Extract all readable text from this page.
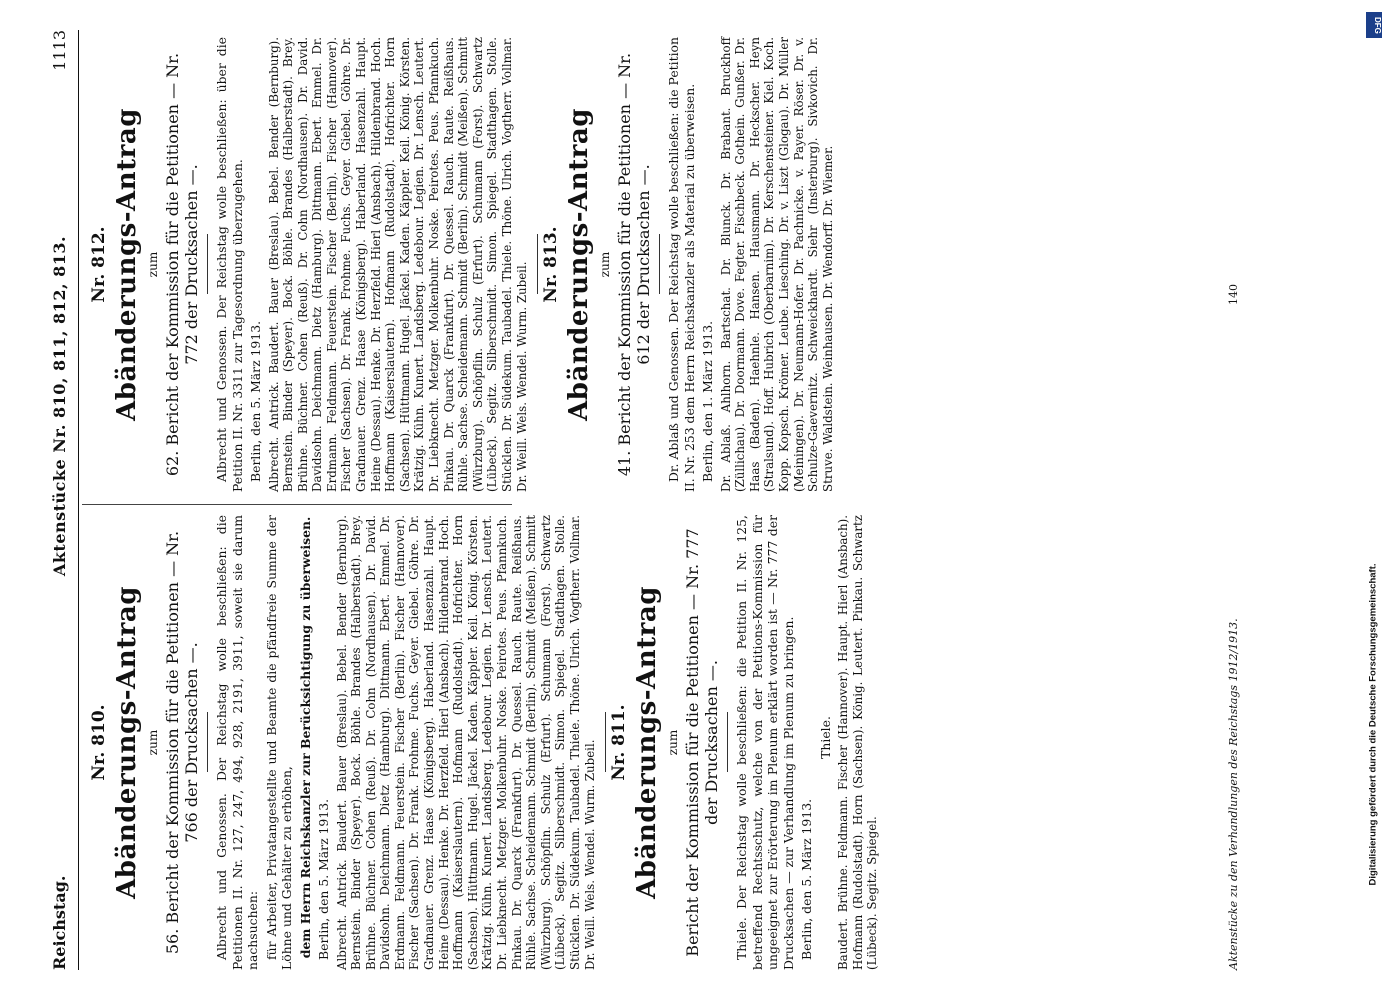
Reichstag.
Aktenstücke Nr. 810, 811, 812, 813.
1113
Nr. 810. Abänderungs-Antrag zum 56. Bericht der Kommission für die Petitionen — Nr. 766 der Drucksachen —. Albrecht und Genossen. Der Reichstag wolle beschließen: die Petitionen II. Nr. 127, 247, 494, 928, 2191, 3911, soweit sie darum nachsuchen: für Arbeiter, Privatangestellte und Beamte die pfändfreie Summe der Löhne und Gehälter zu erhöhen, dem Herrn Reichskanzler zur Berücksichtigung zu überweisen. Berlin, den 5. März 1913. Albrecht. Antrick. Baudert. Bauer (Breslau). Bebel. Bender (Bernburg). Bernstein. Binder (Speyer). Bock. Böhle. Brandes (Halberstadt). Brey. Brühne. Büchner. Cohen (Reuß). Dr. Cohn (Nordhausen). Dr. David. Davidsohn. Deichmann. Dietz (Hamburg). Dittmann. Ebert. Emmel. Dr. Erdmann. Feldmann. Feuerstein. Fischer (Berlin). Fischer (Hannover). Fischer (Sachsen). Dr. Frank. Frohme. Fuchs. Geyer. Giebel. Göhre. Dr. Gradnauer. Grenz. Haase (Königsberg). Haberland. Hasenzahl. Haupt. Heine (Dessau). Henke. Dr. Herzfeld. Hierl (Ansbach). Hildenbrand. Hoch. Hoffmann (Kaiserslautern). Hofmann (Rudolstadt). Hofrichter. Horn (Sachsen). Hüttmann. Hugel. Jäckel. Kaden. Käppler. Keil. König. Körsten. Krätzig. Kühn. Kunert. Landsberg. Ledebour. Legien. Dr. Lensch. Leutert. Dr. Liebknecht. Metzger. Molkenbuhr. Noske. Peirotes. Peus. Pfannkuch. Pinkau. Dr. Quarck (Frankfurt). Dr. Quessel. Rauch. Raute. Reißhaus. Rühle. Sachse. Scheidemann. Schmidt (Berlin). Schmidt (Meißen). Schmitt (Würzburg). Schöpflin. Schulz (Erfurt). Schumann (Forst). Schwartz (Lübeck). Segitz. Silberschmidt. Simon. Spiegel. Stadthagen. Stolle. Stücklen. Dr. Südekum. Taubadel. Thiele. Thöne. Ulrich. Vogtherr. Vollmar. Dr. Weill. Wels. Wendel. Wurm. Zubeil. Nr. 811. Abänderungs-Antrag zum Bericht der Kommission für die Petitionen — Nr. 777 der Drucksachen —. Thiele. Der Reichstag wolle beschließen: die Petition II. Nr. 125, betreffend Rechtsschutz, welche von der Petitions-Kommission für ungeeignet zur Erörterung im Plenum erklärt worden ist — Nr. 777 der Drucksachen — zur Verhandlung im Plenum zu bringen. Berlin, den 5. März 1913.

Thiele. Baudert. Brühne. Feldmann. Fischer (Hannover). Haupt. Hierl (Ansbach). Hofmann (Rudolstadt). Horn (Sachsen). König. Leutert. Pinkau. Schwartz (Lübeck). Segitz. Spiegel.

Nr. 812. Abänderungs-Antrag zum 62. Bericht der Kommission für die Petitionen — Nr. 772 der Drucksachen —. Albrecht und Genossen. Der Reichstag wolle beschließen: über die Petition II. Nr. 3311 zur Tagesordnung überzugehen. Berlin, den 5. März 1913. Albrecht. Antrick. Baudert. Bauer (Breslau). Bebel. Bender (Bernburg). Bernstein. Binder (Speyer). Bock. Böhle. Brandes (Halberstadt). Brey. Brühne. Büchner. Cohen (Reuß). Dr. Cohn (Nordhausen). Dr. David. Davidsohn. Deichmann. Dietz (Hamburg). Dittmann. Ebert. Emmel. Dr. Erdmann. Feldmann. Feuerstein. Fischer (Berlin). Fischer (Hannover). Fischer (Sachsen). Dr. Frank. Frohme. Fuchs. Geyer. Giebel. Göhre. Dr. Gradnauer. Grenz. Haase (Königsberg). Haberland. Hasenzahl. Haupt. Heine (Dessau). Henke. Dr. Herzfeld. Hierl (Ansbach). Hildenbrand. Hoch. Hoffmann (Kaiserslautern). Hofmann (Rudolstadt). Hofrichter. Horn (Sachsen). Hüttmann. Hugel. Jäckel. Kaden. Käppler. Keil. König. Körsten. Krätzig. Kühn. Kunert. Landsberg. Ledebour. Legien. Dr. Lensch. Leutert. Dr. Liebknecht. Metzger. Molkenbuhr. Noske. Peirotes. Peus. Pfannkuch. Pinkau. Dr. Quarck (Frankfurt). Dr. Quessel. Rauch. Raute. Reißhaus. Rühle. Sachse. Scheidemann. Schmidt (Berlin). Schmidt (Meißen). Schmitt (Würzburg). Schöpflin. Schulz (Erfurt). Schumann (Forst). Schwartz (Lübeck). Segitz. Silberschmidt. Simon. Spiegel. Stadthagen. Stolle. Stücklen. Dr. Südekum. Taubadel. Thiele. Thöne. Ulrich. Vogtherr. Vollmar. Dr. Weill. Wels. Wendel. Wurm. Zubeil. Nr. 813. Abänderungs-Antrag zum 41. Bericht der Kommission für die Petitionen — Nr. 612 der Drucksachen —. Dr. Ablaß und Genossen. Der Reichstag wolle beschließen: die Petition II. Nr. 253 dem Herrn Reichskanzler als Material zu überweisen. Berlin, den 1. März 1913. Dr. Ablaß. Ahlhorn. Bartschat. Dr. Blunck. Dr. Brabant. Bruckhoff (Züllichau). Dr. Doormann. Dove. Fegter. Fischbeck. Gothein. Gunßer. Dr. Haas (Baden). Haehnle. Hansen. Hausmann. Dr. Heckscher. Heyn (Stralsund). Hoff. Hubrich (Oberbarnim). Dr. Kerschensteiner. Kiel. Koch. Kopp. Kopsch. Krömer. Leube. Liesching. Dr. v. Liszt (Glogau). Dr. Müller (Meiningen). Dr. Neumann-Hofer. Dr. Pachnicke. v. Payer. Röser. Dr. v. Schulze-Gaevernitz. Schweickhardt. Siehr (Insterburg). Sivkovich. Dr. Struve. Waldstein. Weinhausen. Dr. Wendorff. Dr. Wiemer.

Aktenstücke zu den Verhandlungen des Reichstags 1912/1913.
140
Digitalisierung gefördert durch die Deutsche Forschungsgemeinschaft.
DFG
